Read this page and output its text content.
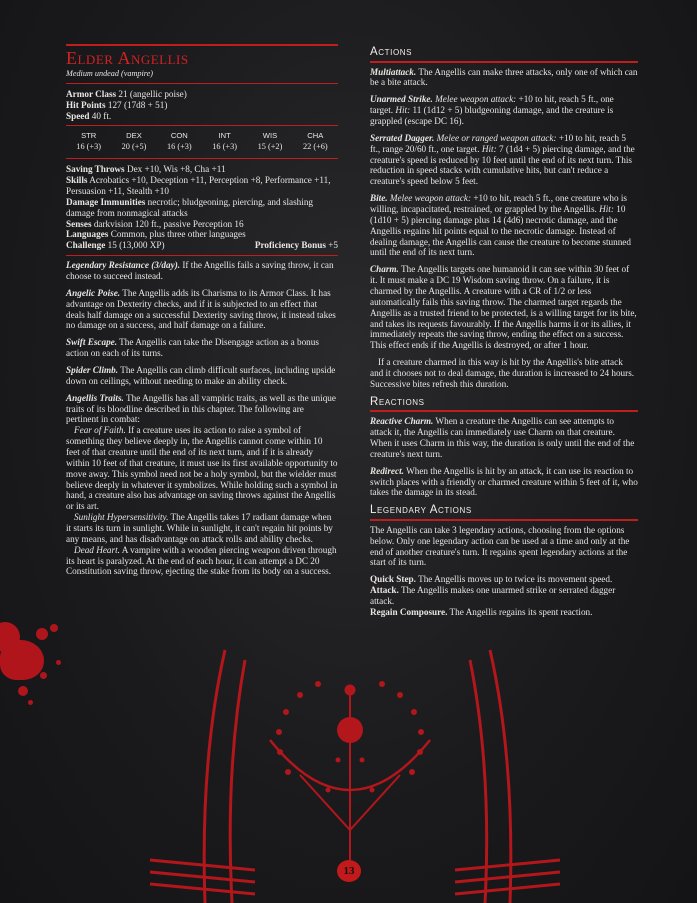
Elder Angellis
Medium undead (vampire)
Armor Class 21 (angellic poise)
Hit Points 127 (17d8 + 51)
Speed 40 ft.
STR	DEX	CON	INT	WIS	CHA
16 (+3)	20 (+5)	16 (+3)	16 (+3)	15 (+2)	22 (+6)
Saving Throws Dex +10, Wis +8, Cha +11
Skills Acrobatics +10, Deception +11, Perception +8, Performance +11, Persuasion +11, Stealth +10
Damage Immunities necrotic; bludgeoning, piercing, and slashing damage from nonmagical attacks
Senses darkvision 120 ft., passive Perception 16
Languages Common, plus three other languages
Challenge 15 (13,000 XP)	Proficiency Bonus +5

Legendary Resistance (3/day). If the Angellis fails a saving throw, it can choose to succeed instead.

Angelic Poise. The Angellis adds its Charisma to its Armor Class. It has advantage on Dexterity checks, and if it is subjected to an effect that deals half damage on a successful Dexterity saving throw, it instead takes no damage on a success, and half damage on a failure.

Swift Escape. The Angellis can take the Disengage action as a bonus action on each of its turns.

Spider Climb. The Angellis can climb difficult surfaces, including upside down on ceilings, without needing to make an ability check.

Angellis Traits. The Angellis has all vampiric traits, as well as the unique traits of its bloodline described in this chapter. The following are pertinent in combat:

Fear of Faith. If a creature uses its action to raise a symbol of something they believe deeply in, the Angellis cannot come within 10 feet of that creature until the end of its next turn, and if it is already within 10 feet of that creature, it must use its first available opportunity to move away. This symbol need not be a holy symbol, but the wielder must believe deeply in whatever it symbolizes. While holding such a symbol in hand, a creature also has advantage on saving throws against the Angellis or its art.

Sunlight Hypersensitivity. The Angellis takes 17 radiant damage when it starts its turn in sunlight. While in sunlight, it can't regain hit points by any means, and has disadvantage on attack rolls and ability checks.

Dead Heart. A vampire with a wooden piercing weapon driven through its heart is paralyzed. At the end of each hour, it can attempt a DC 20 Constitution saving throw, ejecting the stake from its body on a success.

Actions

Multiattack. The Angellis can make three attacks, only one of which can be a bite attack.

Unarmed Strike. Melee weapon attack: +10 to hit, reach 5 ft., one target. Hit: 11 (1d12 + 5) bludgeoning damage, and the creature is grappled (escape DC 16).

Serrated Dagger. Melee or ranged weapon attack: +10 to hit, reach 5 ft., range 20/60 ft., one target. Hit: 7 (1d4 + 5) piercing damage, and the creature's speed is reduced by 10 feet until the end of its next turn. This reduction in speed stacks with cumulative hits, but can't reduce a creature's speed below 5 feet.

Bite. Melee weapon attack: +10 to hit, reach 5 ft., one creature who is willing, incapacitated, restrained, or grappled by the Angellis. Hit: 10 (1d10 + 5) piercing damage plus 14 (4d6) necrotic damage, and the Angellis regains hit points equal to the necrotic damage. Instead of dealing damage, the Angellis can cause the creature to become stunned until the end of its next turn.

Charm. The Angellis targets one humanoid it can see within 30 feet of it. It must make a DC 19 Wisdom saving throw. On a failure, it is charmed by the Angellis. A creature with a CR of 1/2 or less automatically fails this saving throw. The charmed target regards the Angellis as a trusted friend to be protected, is a willing target for its bite, and takes its requests favourably. If the Angellis harms it or its allies, it immediately repeats the saving throw, ending the effect on a success. This effect ends if the Angellis is destroyed, or after 1 hour.

If a creature charmed in this way is hit by the Angellis's bite attack and it chooses not to deal damage, the duration is increased to 24 hours. Successive bites refresh this duration.

Reactions

Reactive Charm. When a creature the Angellis can see attempts to attack it, the Angellis can immediately use Charm on that creature. When it uses Charm in this way, the duration is only until the end of the creature's next turn.

Redirect. When the Angellis is hit by an attack, it can use its reaction to switch places with a friendly or charmed creature within 5 feet of it, who takes the damage in its stead.

Legendary Actions

The Angellis can take 3 legendary actions, choosing from the options below. Only one legendary action can be used at a time and only at the end of another creature's turn. It regains spent legendary actions at the start of its turn.

Quick Step. The Angellis moves up to twice its movement speed.
Attack. The Angellis makes one unarmed strike or serrated dagger attack.
Regain Composure. The Angellis regains its spent reaction.
13
